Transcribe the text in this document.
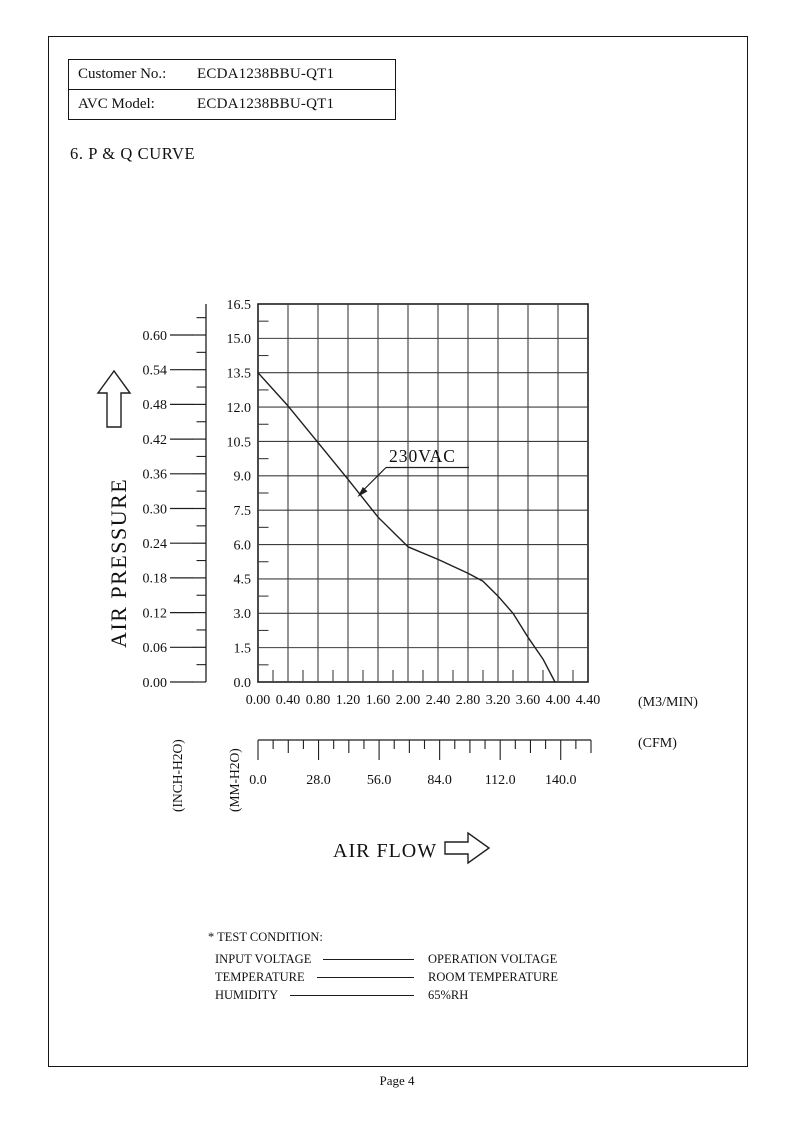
Customer No.:	ECDA1238BBU-QT1
AVC Model:	ECDA1238BBU-QT1
6. P & Q CURVE
0.60
0.54
0.48
0.42
0.36
0.30
0.24
0.18
0.12
0.06
0.00
16.5
15.0
13.5
12.0
10.5
9.0
7.5
6.0
4.5
3.0
1.5
0.0
0.00 0.40 0.80 1.20 1.60 2.00 2.40 2.80 3.20 3.60 4.00 4.40
0.0	28.0	56.0	84.0 112.0 140.0
230VAC
(M3/MIN)
(CFM)
(INCH-H2O)	(MM-H2O)
AIR PRESSURE
AIR FLOW
* TEST CONDITION:
INPUT VOLTAGE	OPERATION VOLTAGE
TEMPERATURE	ROOM TEMPERATURE
HUMIDITY	65%RH
Page 4
